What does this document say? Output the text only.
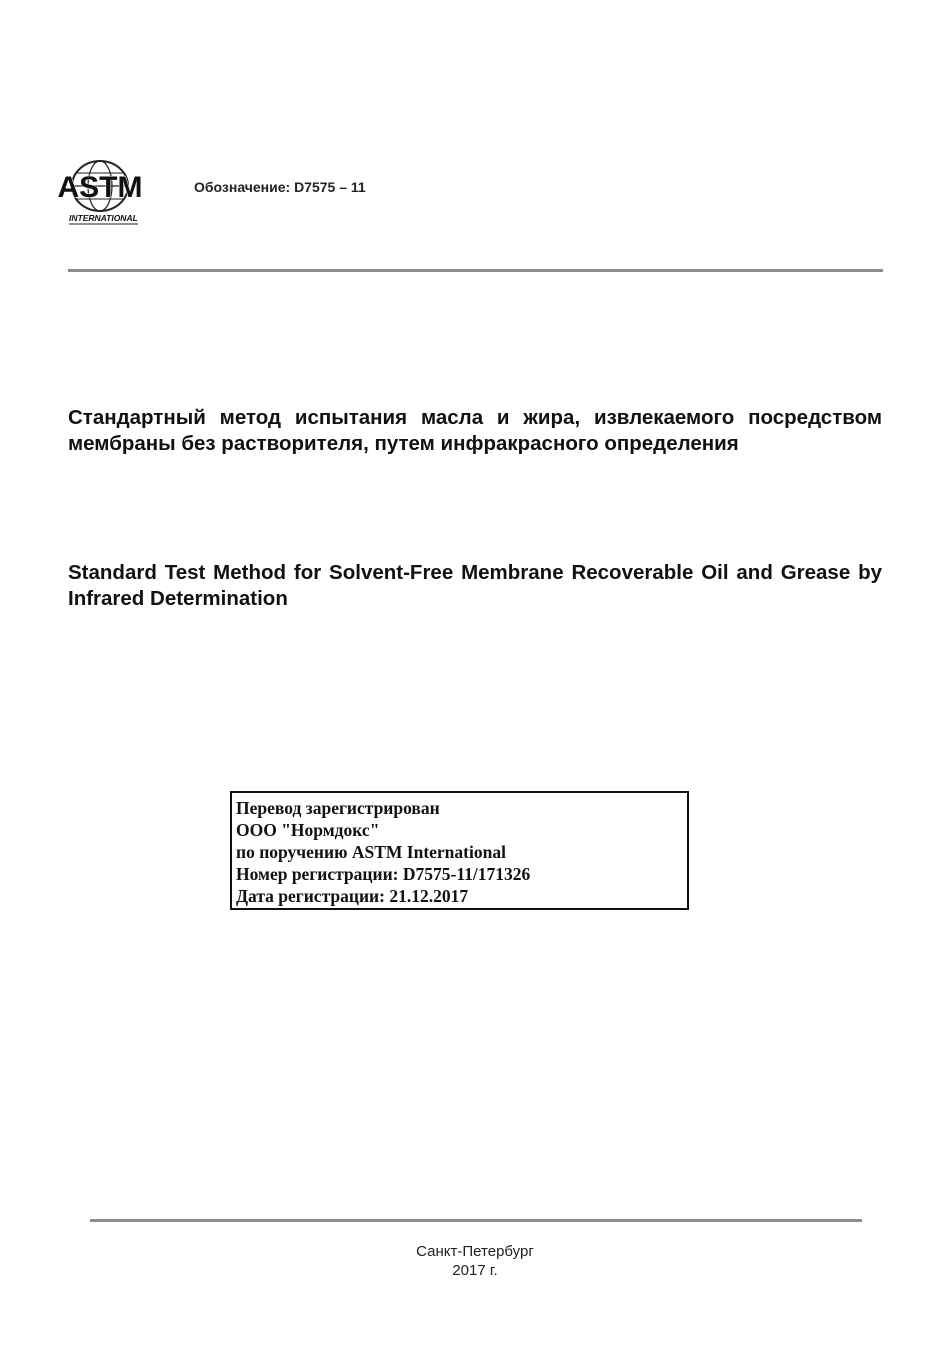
ASTM
INTERNATIONAL
Обозначение: D7575 – 11
Стандартный метод испытания масла и жира, извлекаемого посредством мембраны без растворителя, путем инфракрасного определения
Standard Test Method for Solvent-Free Membrane Recoverable Oil and Grease by Infrared Determination
Перевод зарегистрирован
ООО "Нормдокс"
по поручению ASTM International
Номер регистрации: D7575-11/171326
Дата регистрации: 21.12.2017
Санкт-Петербург
2017 г.
